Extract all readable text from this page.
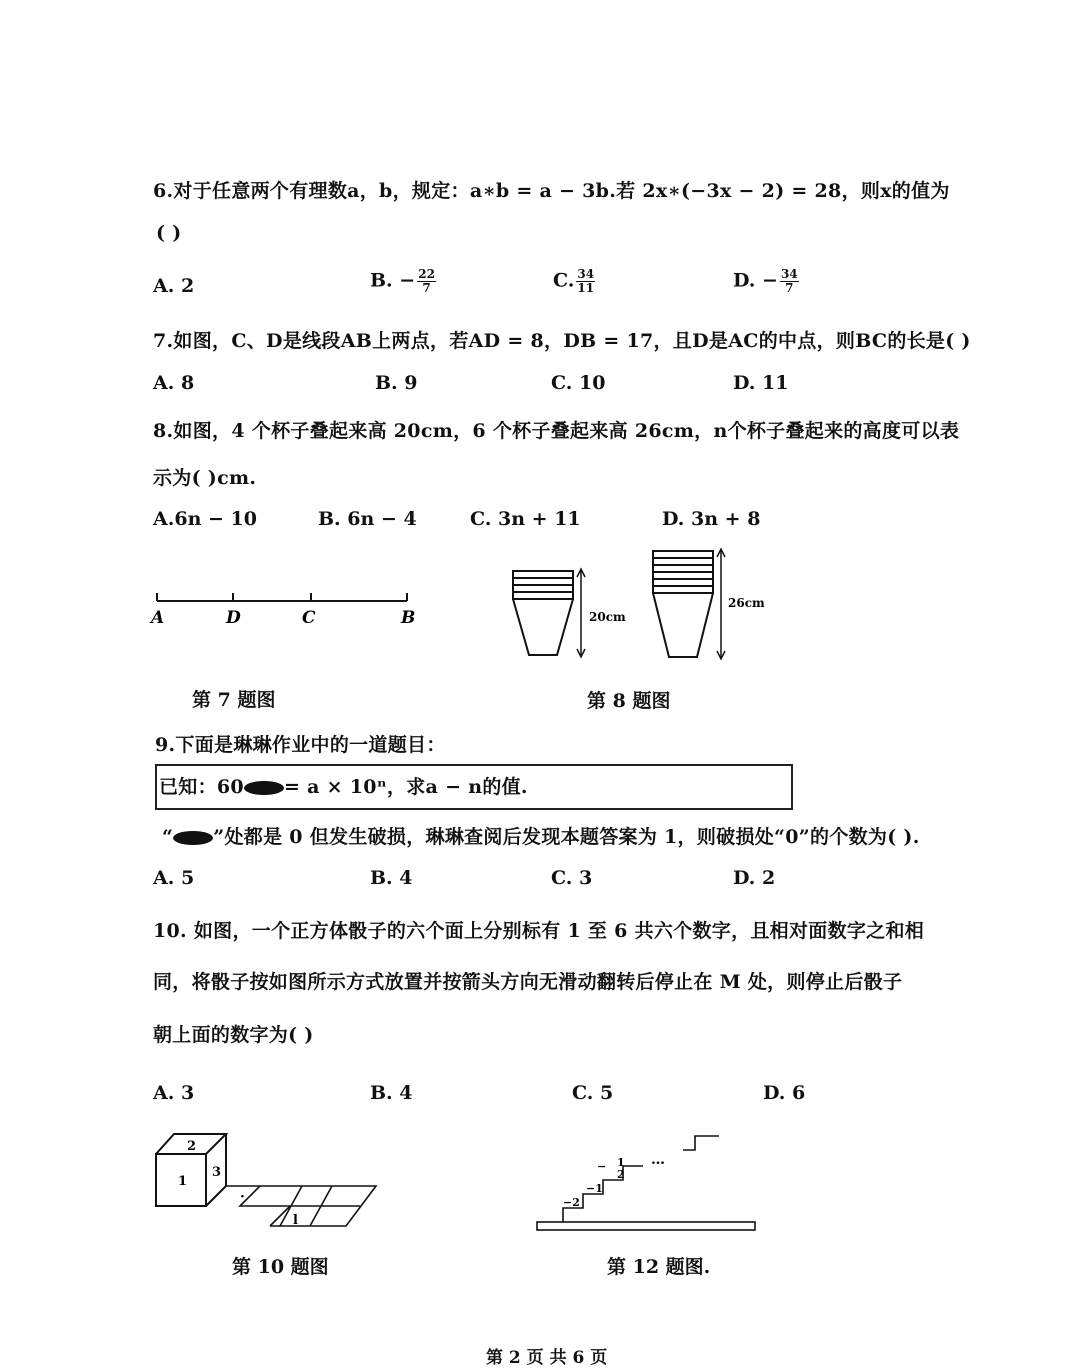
6.对于任意两个有理数a，b，规定：a∗b = a − 3b.若 2x∗(−3x − 2) = 28，则x的值为
( )
A. 2	B. − $\frac{22}{7}$	C. $\frac{34}{11}$	D. − $\frac{34}{7}$
7.如图，C、D是线段AB上两点，若AD = 8，DB = 17，且D是AC的中点，则BC的长是( )
A. 8	B. 9	C. 10	D. 11
8.如图，4 个杯子叠起来高 20cm，6 个杯子叠起来高 26cm，n个杯子叠起来的高度可以表
示为( )cm.
A.6n − 10	B. 6n − 4	C. 3n + 11	D. 3n + 8
A	D	C	B
第 7 题图
20cm
26cm
第 8 题图
9.下面是琳琳作业中的一道题目：
已知：60 = a × 10ⁿ，求a − n的值.
“ ”处都是 0 但发生破损，琳琳查阅后发现本题答案为 1，则破损处“0”的个数为( ).
A. 5	B. 4	C. 3	D. 2
10. 如图，一个正方体骰子的六个面上分别标有 1 至 6 共六个数字，且相对面数字之和相
同，将骰子按如图所示方式放置并按箭头方向无滑动翻转后停止在 M 处，则停止后骰子
朝上面的数字为( )
A. 3	B. 4	C. 5	D. 6
2
1
3
·
l
第 10 题图
−2
−1
− 1
2
…
第 12 题图.
第 2 页 共 6 页
